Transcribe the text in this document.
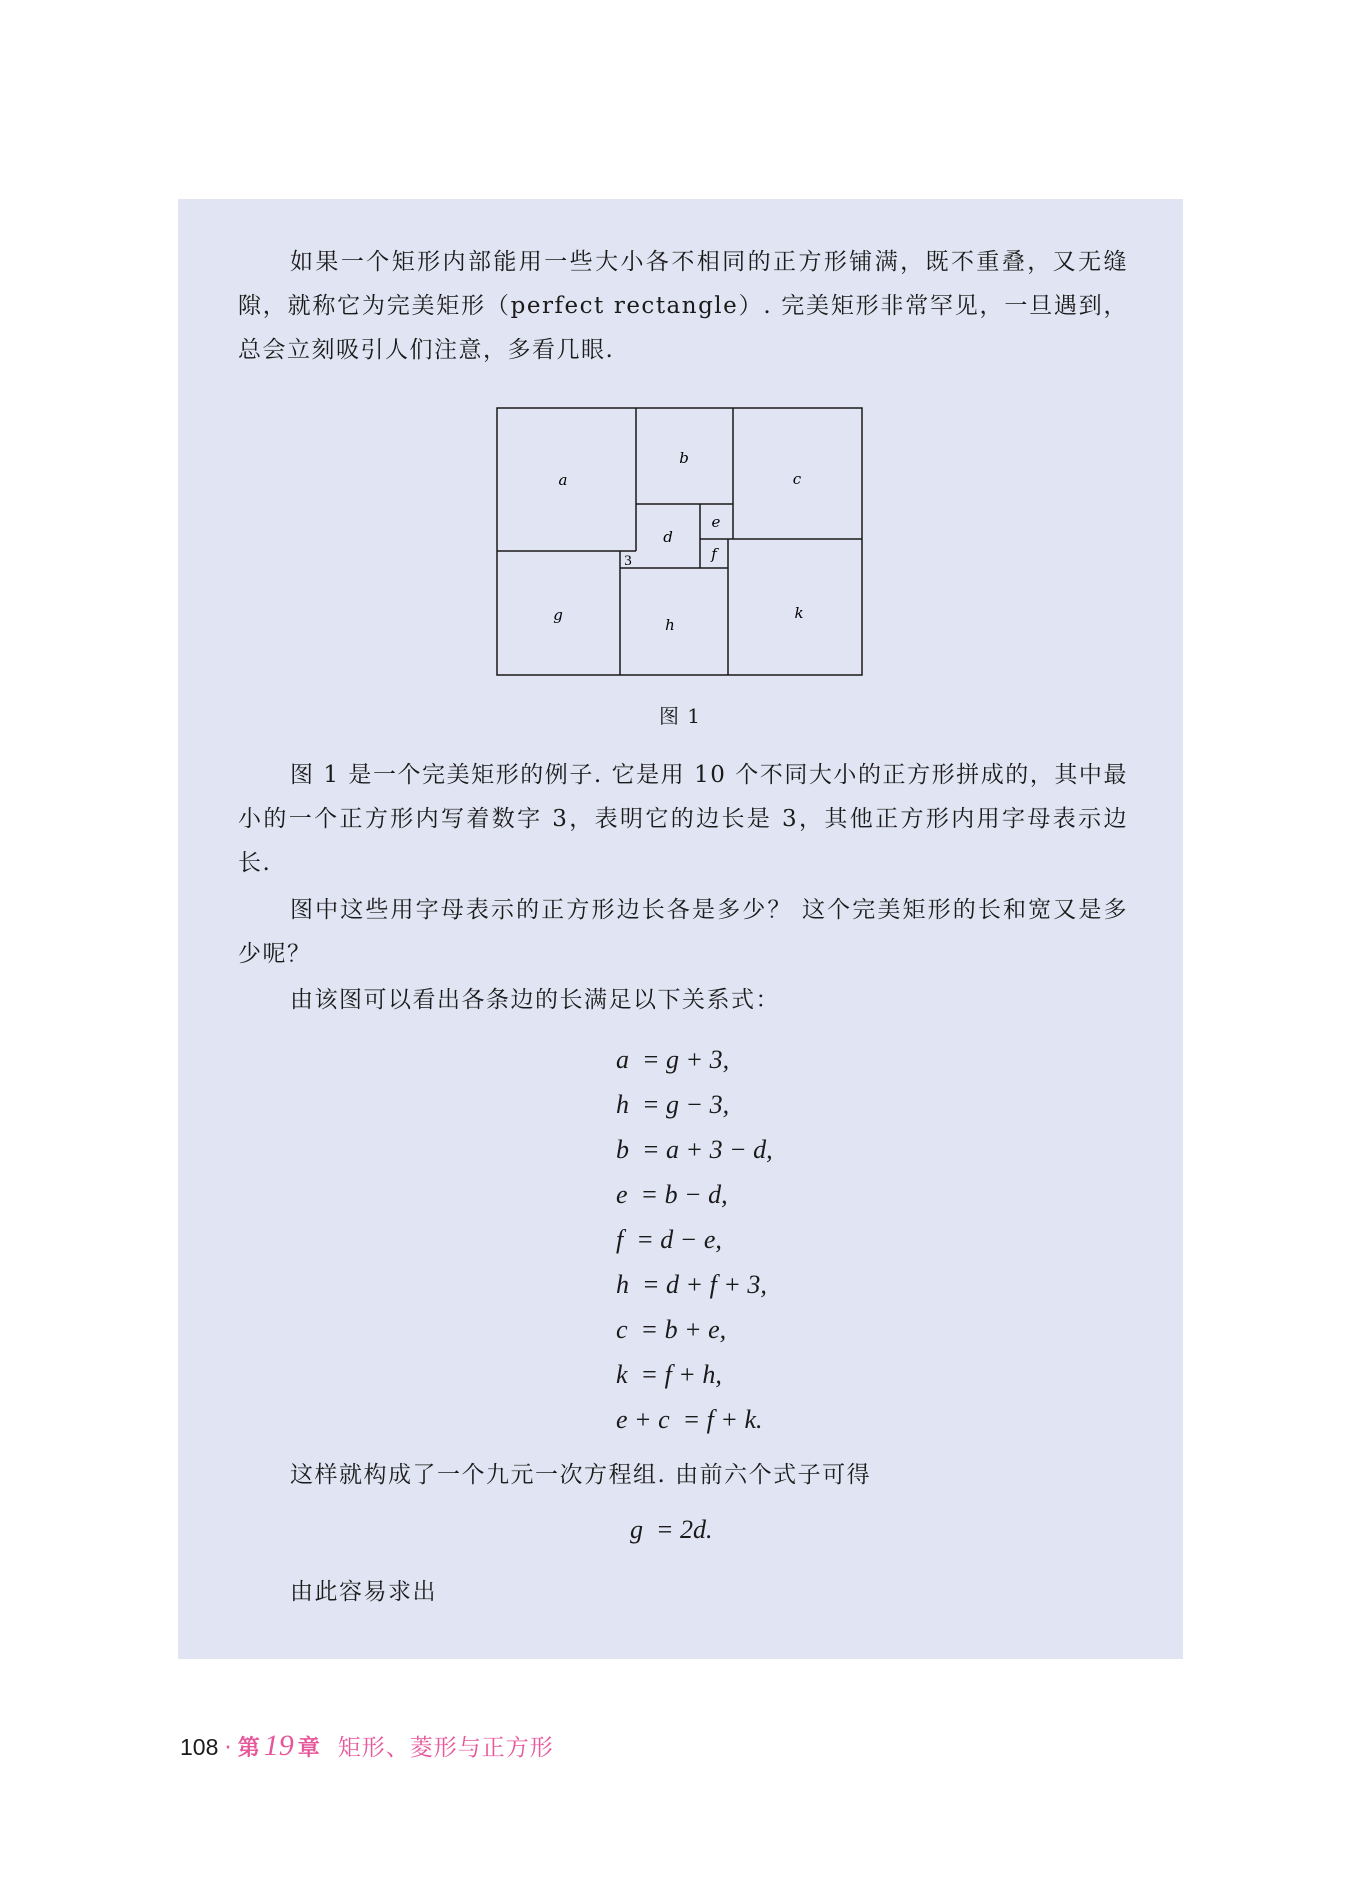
如果一个矩形内部能用一些大小各不相同的正方形铺满，既不重叠，又无缝隙，就称它为完美矩形（perfect rectangle）. 完美矩形非常罕见，一旦遇到，总会立刻吸引人们注意，多看几眼.

a
b
c
d
e
f
3
g
h
k
图 1

图 1 是一个完美矩形的例子. 它是用 10 个不同大小的正方形拼成的，其中最小的一个正方形内写着数字 3，表明它的边长是 3，其他正方形内用字母表示边长.

图中这些用字母表示的正方形边长各是多少？ 这个完美矩形的长和宽又是多少呢？

由该图可以看出各条边的长满足以下关系式：

a  = g + 3,
h  = g − 3,
b  = a + 3 − d,
e  = b − d,
f  = d − e,
h  = d + f + 3,
c  = b + e,
k  = f + h,
e + c  = f + k.

这样就构成了一个九元一次方程组. 由前六个式子可得

g  = 2d.

由此容易求出

108 · 第 19 章 矩形、菱形与正方形
